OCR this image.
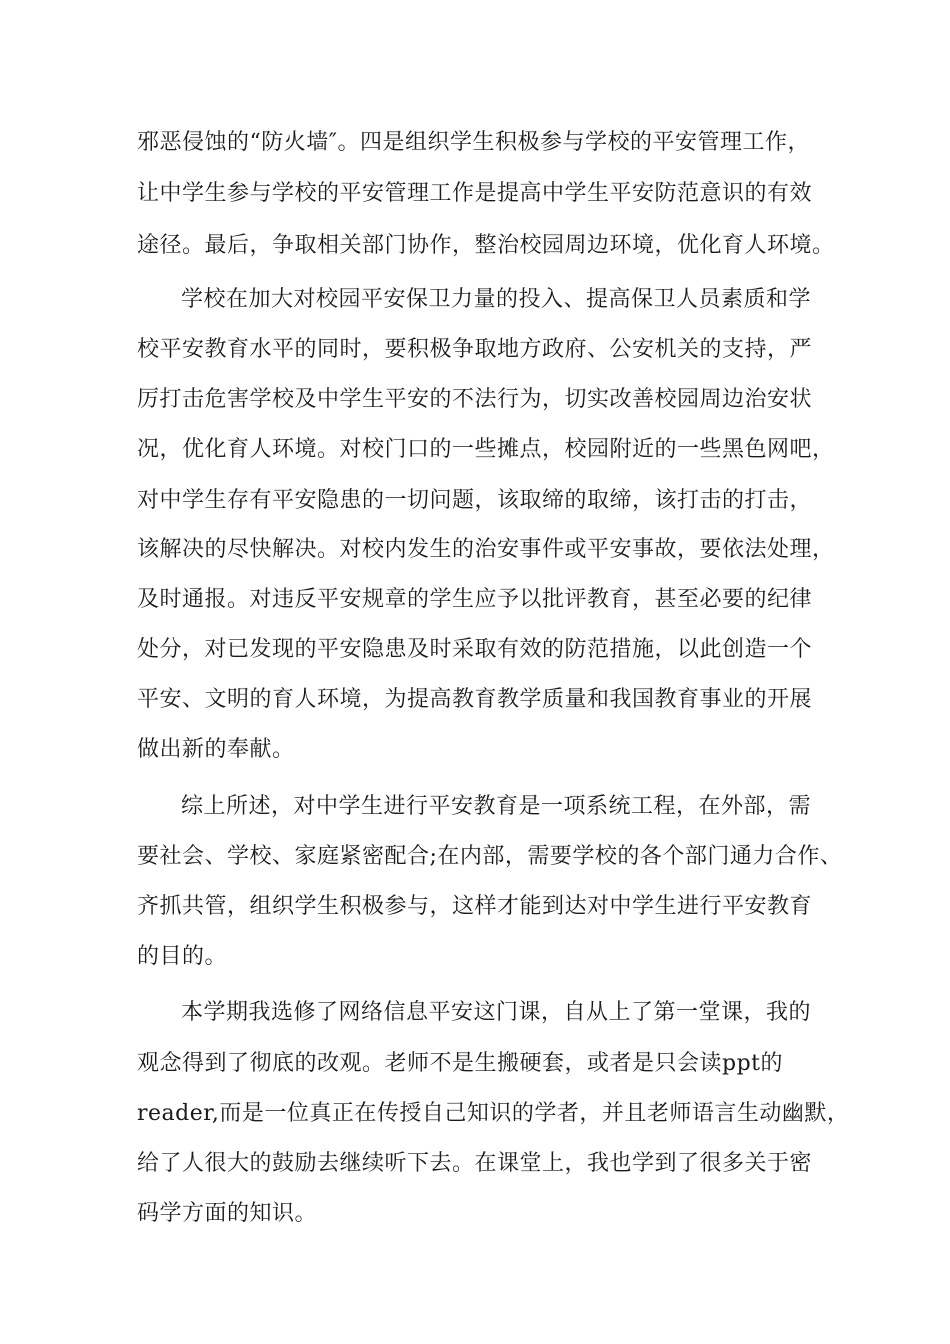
邪恶侵蚀的“防火墙″。四是组织学生积极参与学校的平安管理工作，
让中学生参与学校的平安管理工作是提高中学生平安防范意识的有效
途径。最后，争取相关部门协作，整治校园周边环境，优化育人环境。
学校在加大对校园平安保卫力量的投入、提高保卫人员素质和学
校平安教育水平的同时，要积极争取地方政府、公安机关的支持，严
厉打击危害学校及中学生平安的不法行为，切实改善校园周边治安状
况，优化育人环境。对校门口的一些摊点，校园附近的一些黑色网吧，
对中学生存有平安隐患的一切问题，该取缔的取缔，该打击的打击，
该解决的尽快解决。对校内发生的治安事件或平安事故，要依法处理，
及时通报。对违反平安规章的学生应予以批评教育，甚至必要的纪律
处分，对已发现的平安隐患及时采取有效的防范措施，以此创造一个
平安、文明的育人环境，为提高教育教学质量和我国教育事业的开展
做出新的奉献。
综上所述，对中学生进行平安教育是一项系统工程，在外部，需
要社会、学校、家庭紧密配合;在内部，需要学校的各个部门通力合作、
齐抓共管，组织学生积极参与，这样才能到达对中学生进行平安教育
的目的。
本学期我选修了网络信息平安这门课，自从上了第一堂课，我的
观念得到了彻底的改观。老师不是生搬硬套，或者是只会读ppt的
reader,而是一位真正在传授自己知识的学者，并且老师语言生动幽默，
给了人很大的鼓励去继续听下去。在课堂上，我也学到了很多关于密
码学方面的知识。
